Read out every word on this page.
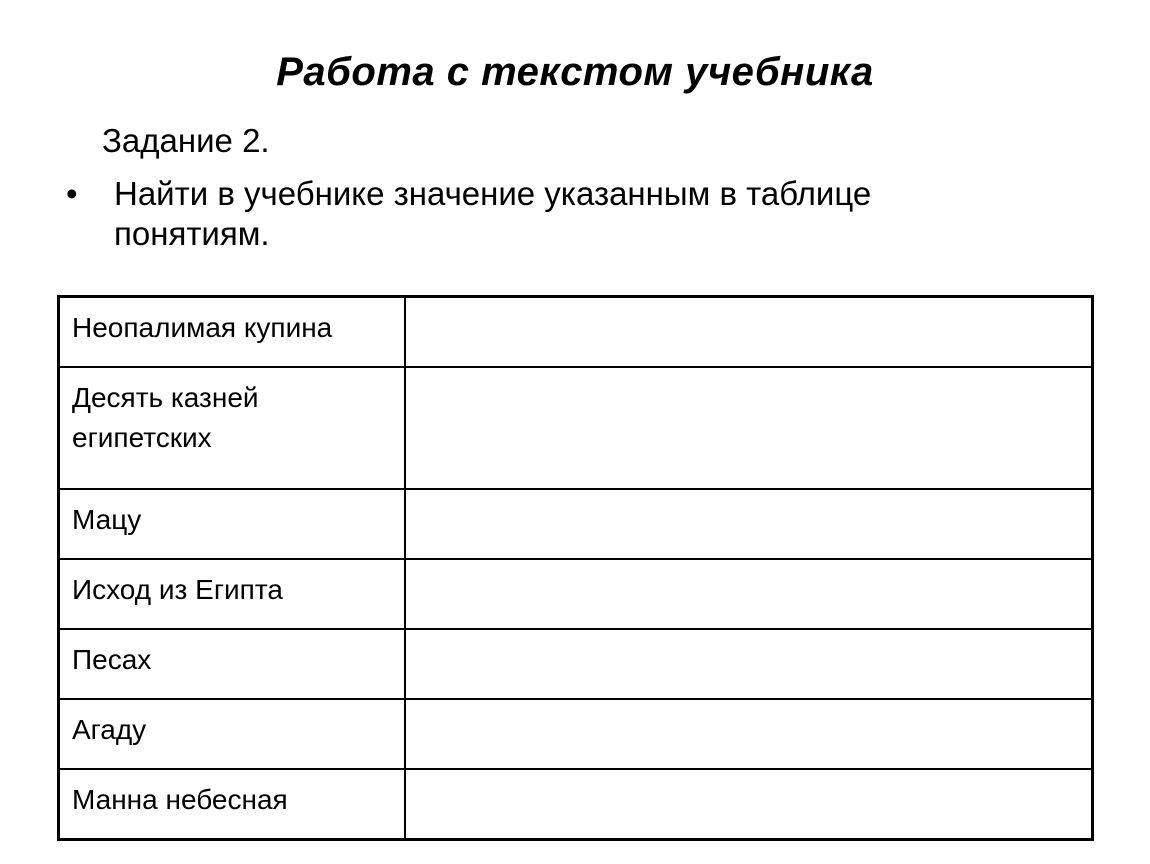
Работа с текстом учебника
Задание 2.
•	Найти в учебнике значение указанным в таблице понятиям.
Неопалимая купина	
Десять казней египетских	
Мацу	
Исход из Египта	
Песах	
Агаду	
Манна небесная	
